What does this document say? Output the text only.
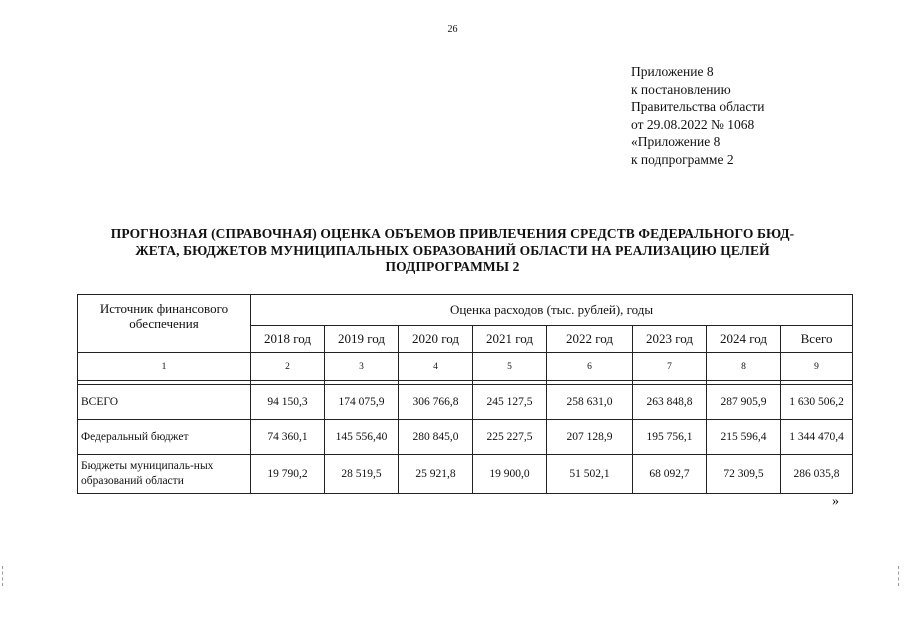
26
Приложение 8
к постановлению
Правительства области
от 29.08.2022 № 1068
«Приложение 8
к подпрограмме 2
ПРОГНОЗНАЯ (СПРАВОЧНАЯ) ОЦЕНКА ОБЪЕМОВ ПРИВЛЕЧЕНИЯ СРЕДСТВ ФЕДЕРАЛЬНОГО БЮД-
ЖЕТА, БЮДЖЕТОВ МУНИЦИПАЛЬНЫХ ОБРАЗОВАНИЙ ОБЛАСТИ НА РЕАЛИЗАЦИЮ ЦЕЛЕЙ
ПОДПРОГРАММЫ 2
Источник финансового обеспечения	Оценка расходов (тыс. рублей), годы							
	2018 год	2019 год	2020 год	2021 год	2022 год	2023 год	2024 год	Всего
1	2	3	4	5	6	7	8	9

ВСЕГО	94 150,3	174 075,9	306 766,8	245 127,5	258 631,0	263 848,8	287 905,9	1 630 506,2
Федеральный бюджет	74 360,1	145 556,40	280 845,0	225 227,5	207 128,9	195 756,1	215 596,4	1 344 470,4
Бюджеты муниципаль-ных образований области	19 790,2	28 519,5	25 921,8	19 900,0	51 502,1	68 092,7	72 309,5	286 035,8
»
